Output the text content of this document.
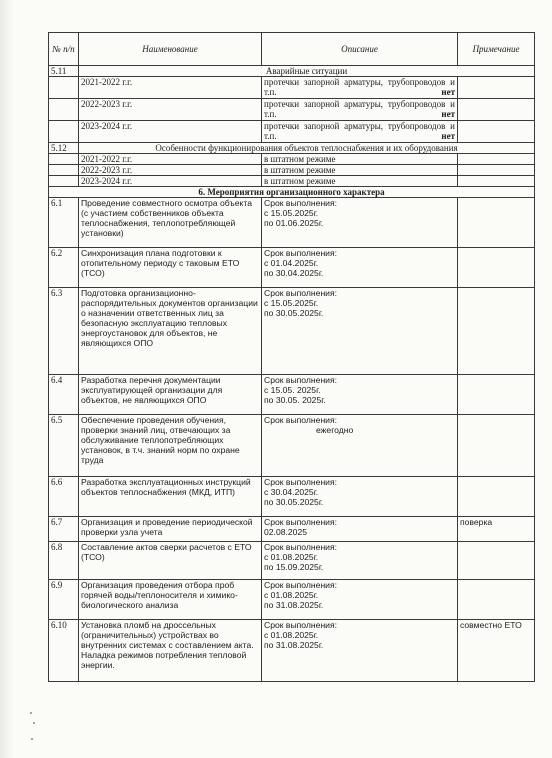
№ п/п	Наименование	Описание	Примечание
5.11	Аварийные ситуации		
	2021-2022 г.г.	протечки запорной арматуры, трубопроводов и т.п. нет	

	2022-2023 г.г.	протечки запорной арматуры, трубопроводов и т.п. нет	

	2023-2024 г.г.	протечки запорной арматуры, трубопроводов и т.п. нет	

5.12	Особенности функционирования объектов теплоснабжения и их оборудования		
	2021-2022 г.г.	в штатном режиме	
	2022-2023 г.г.	в штатном режиме	
	2023-2024 г.г.	в штатном режиме	
6. Мероприятия организационного характера			
6.1	Проведение совместного осмотра объекта (с участием собственников объекта теплоснабжения, теплопотребляющей установки)	Срок выполнения:
с 15.05.2025г.
по 01.06.2025г.	

6.2	Синхронизация плана подготовки к отопительному периоду с таковым ЕТО (ТСО)	Срок выполнения:
с 01.04.2025г.
по 30.04.2025г.	

6.3	Подготовка организационно-распорядительных документов организации о назначении ответственных лиц за безопасную эксплуатацию тепловых энергоустановок для объектов, не являющихся ОПО	Срок выполнения:
с 15.05.2025г.
по 30.05.2025г.	

6.4	Разработка перечня документации эксплуатирующей организации для объектов, не являющихся ОПО	Срок выполнения:
с 15.05. 2025г.
по 30.05. 2025г.	

6.5	Обеспечение проведения обучения, проверки знаний лиц, отвечающих за обслуживание теплопотребляющих установок, в т.ч. знаний норм по охране труда	Срок выполнения:
ежегодно	

6.6	Разработка эксплуатационных инструкций объектов теплоснабжения (МКД, ИТП)	Срок выполнения:
с 30.04.2025г.
по 30.05.2025г.	

6.7	Организация и проведение периодической проверки узла учета	Срок выполнения:
02.08.2025	поверка
6.8	Составление актов сверки расчетов с ЕТО (ТСО)	Срок выполнения:
с 01.08.2025г.
по 15.09.2025г.	

6.9	Организация проведения отбора проб горячей воды/теплоносителя и химико-биологического анализа	Срок выполнения:
с 01.08.2025г.
по 31.08.2025г.	

6.10	Установка пломб на дроссельных (ограничительных) устройствах во внутренних системах с составлением акта. Наладка режимов потребления тепловой энергии.	Срок выполнения:
с 01.08.2025г.
по 31.08.2025г.	совместно ЕТО
